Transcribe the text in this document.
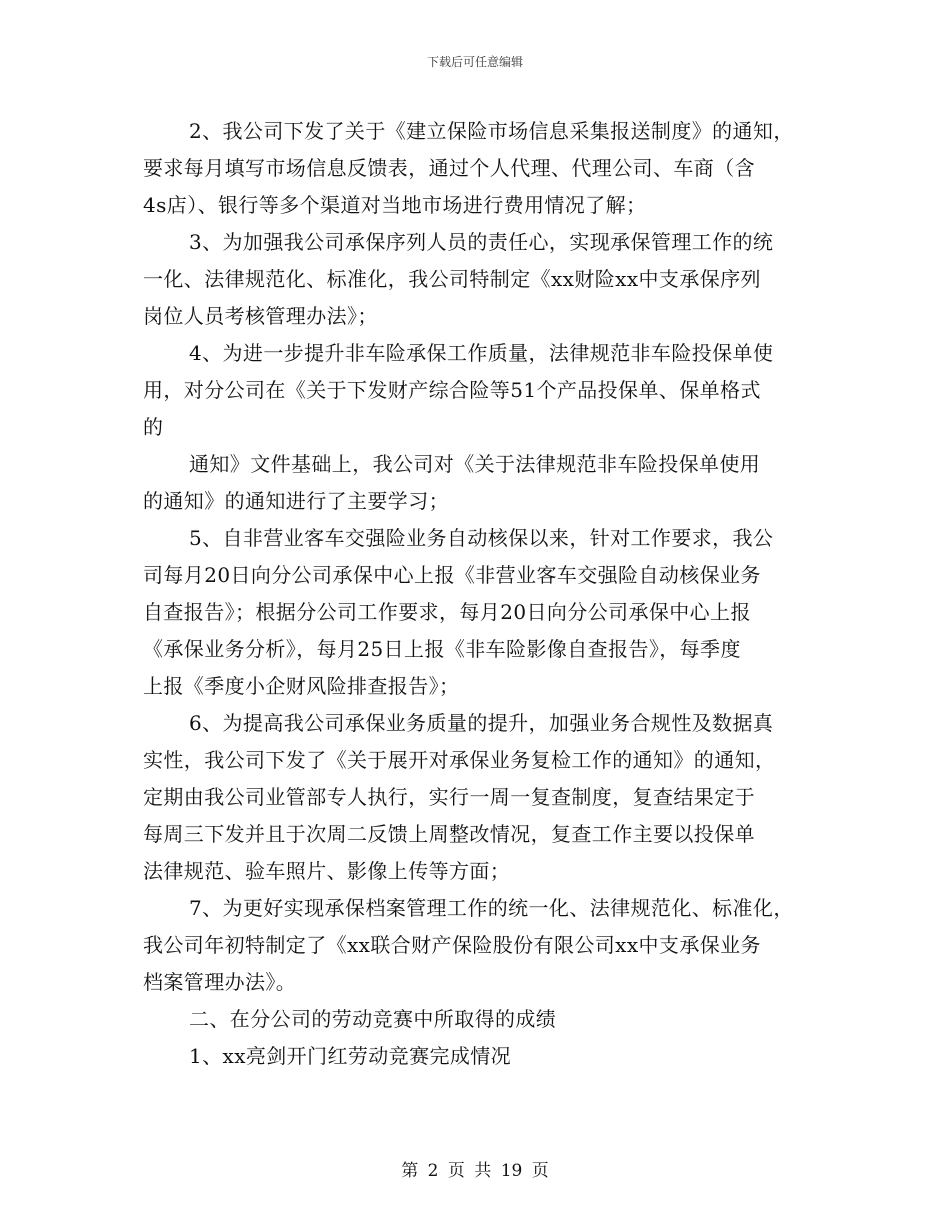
下载后可任意编辑
2、我公司下发了关于《建立保险市场信息采集报送制度》的通知，
要求每月填写市场信息反馈表，通过个人代理、代理公司、车商（含
4s店）、银行等多个渠道对当地市场进行费用情况了解；
3、为加强我公司承保序列人员的责任心，实现承保管理工作的统
一化、法律规范化、标准化，我公司特制定《xx财险xx中支承保序列
岗位人员考核管理办法》；
4、为进一步提升非车险承保工作质量，法律规范非车险投保单使
用，对分公司在《关于下发财产综合险等51个产品投保单、保单格式
的
通知》文件基础上，我公司对《关于法律规范非车险投保单使用
的通知》的通知进行了主要学习；
5、自非营业客车交强险业务自动核保以来，针对工作要求，我公
司每月20日向分公司承保中心上报《非营业客车交强险自动核保业务
自查报告》；根据分公司工作要求，每月20日向分公司承保中心上报
《承保业务分析》，每月25日上报《非车险影像自查报告》，每季度
上报《季度小企财风险排查报告》；
6、为提高我公司承保业务质量的提升，加强业务合规性及数据真
实性，我公司下发了《关于展开对承保业务复检工作的通知》的通知，
定期由我公司业管部专人执行，实行一周一复查制度，复查结果定于
每周三下发并且于次周二反馈上周整改情况，复查工作主要以投保单
法律规范、验车照片、影像上传等方面；
7、为更好实现承保档案管理工作的统一化、法律规范化、标准化，
我公司年初特制定了《xx联合财产保险股份有限公司xx中支承保业务
档案管理办法》。
二、在分公司的劳动竞赛中所取得的成绩
1、xx亮剑开门红劳动竞赛完成情况
第 2 页 共 19 页
